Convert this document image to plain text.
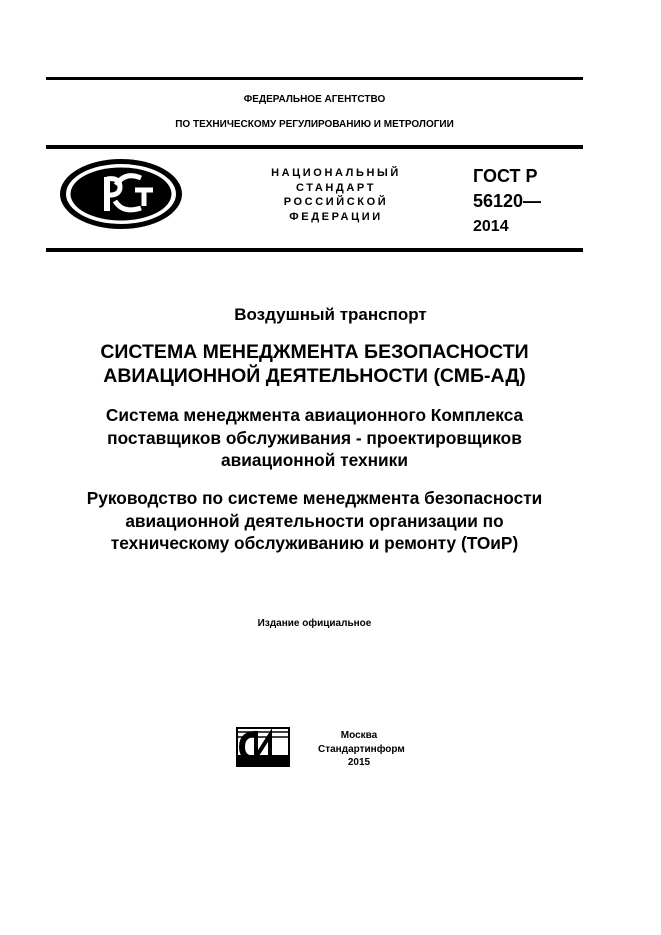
ФЕДЕРАЛЬНОЕ АГЕНТСТВО
ПО ТЕХНИЧЕСКОМУ РЕГУЛИРОВАНИЮ И МЕТРОЛОГИИ
НАЦИОНАЛЬНЫЙ
СТАНДАРТ
РОССИЙСКОЙ
ФЕДЕРАЦИИ
ГОСТ Р
56120—
2014
Воздушный транспорт
СИСТЕМА МЕНЕДЖМЕНТА БЕЗОПАСНОСТИ
АВИАЦИОННОЙ ДЕЯТЕЛЬНОСТИ (СМБ-АД)
Система менеджмента авиационного Комплекса
поставщиков обслуживания - проектировщиков
авиационной техники
Руководство по системе менеджмента безопасности
авиационной деятельности организации по
техническому обслуживанию и ремонту (ТОиР)
Издание официальное
Москва
Стандартинформ
2015
